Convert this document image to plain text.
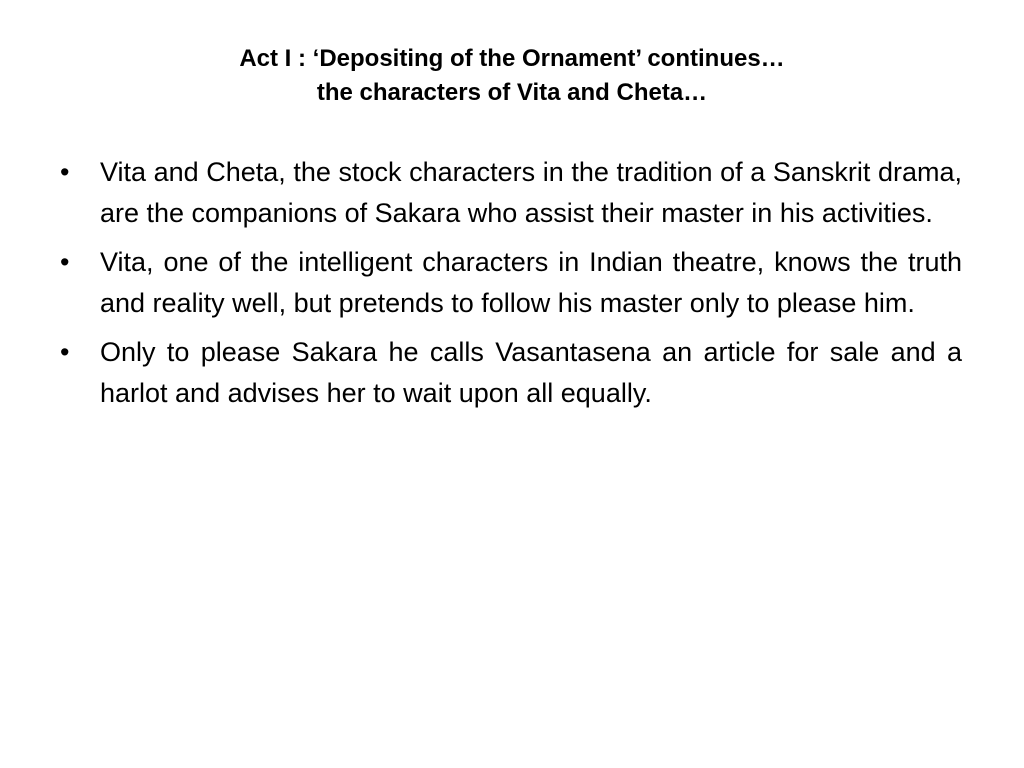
Act I : ‘Depositing of the Ornament’ continues…
the characters of Vita and Cheta…
•	Vita and Cheta, the stock characters in the tradition of a Sanskrit drama, are the companions of Sakara who assist their master in his activities.
•	Vita, one of the intelligent characters in Indian theatre, knows the truth and reality well, but pretends to follow his master only to please him.
•	Only to please Sakara he calls Vasantasena an article for sale and a harlot and advises her to wait upon all equally.
